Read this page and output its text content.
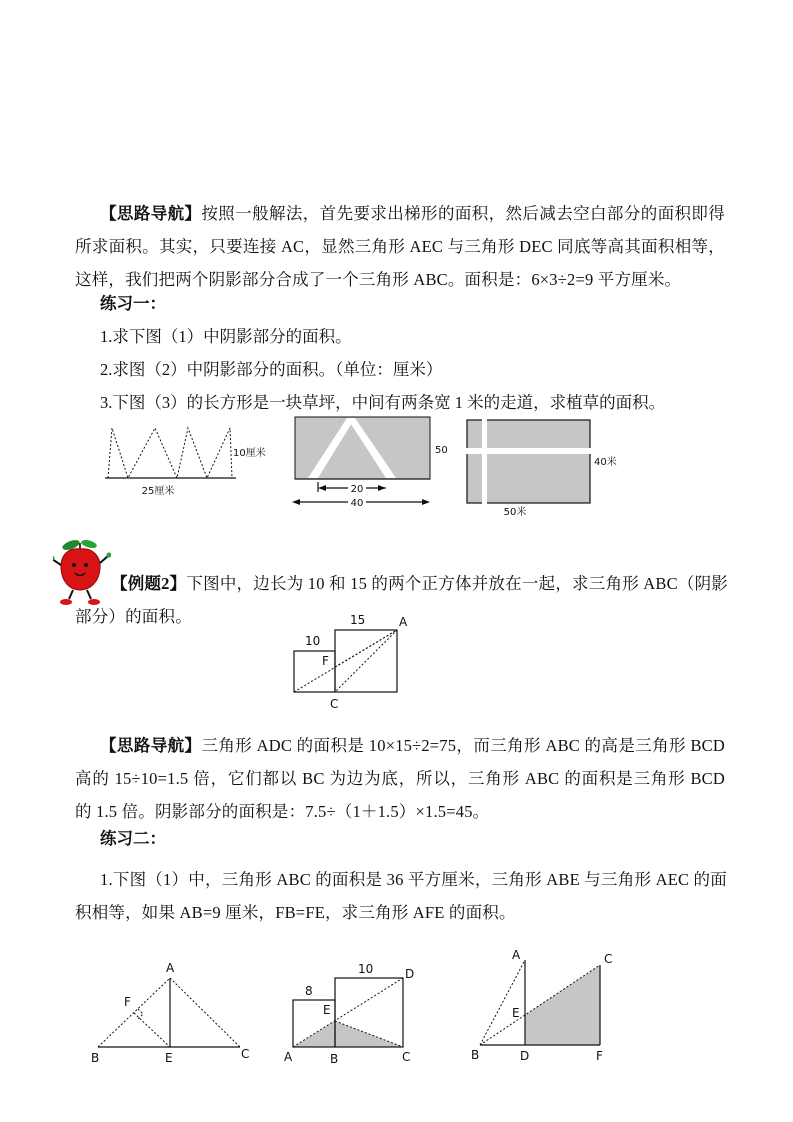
【思路导航】按照一般解法，首先要求出梯形的面积，然后减去空白部分的面积即得所求面积。其实，只要连接 AC，显然三角形 AEC 与三角形 DEC 同底等高其面积相等，这样，我们把两个阴影部分合成了一个三角形 ABC。面积是：6×3÷2=9 平方厘米。

练习一：
1.求下图（1）中阴影部分的面积。
2.求图（2）中阴影部分的面积。（单位：厘米）
3.下图（3）的长方形是一块草坪，中间有两条宽 1 米的走道，求植草的面积。
10厘米
25厘米	20
40
50
40米
50米

【例题2】下图中，边长为 10 和 15 的两个正方体并放在一起，求三角形 ABC（阴影部分）的面积。	15	A
10
F
C

【思路导航】三角形 ADC 的面积是 10×15÷2=75，而三角形 ABC 的高是三角形 BCD 高的 15÷10=1.5 倍，它们都以 BC 为边为底，所以，三角形 ABC 的面积是三角形 BCD 的 1.5 倍。阴影部分的面积是：7.5÷（1＋1.5）×1.5=45。

练习二：

1.下图（1）中，三角形 ABC 的面积是 36 平方厘米，三角形 ABE 与三角形 AEC 的面积相等，如果 AB=9 厘米，FB=FE，求三角形 AFE 的面积。

A
B	E	C
F
8
10	D
E
A	B	C
A	C
E
B	D	F
